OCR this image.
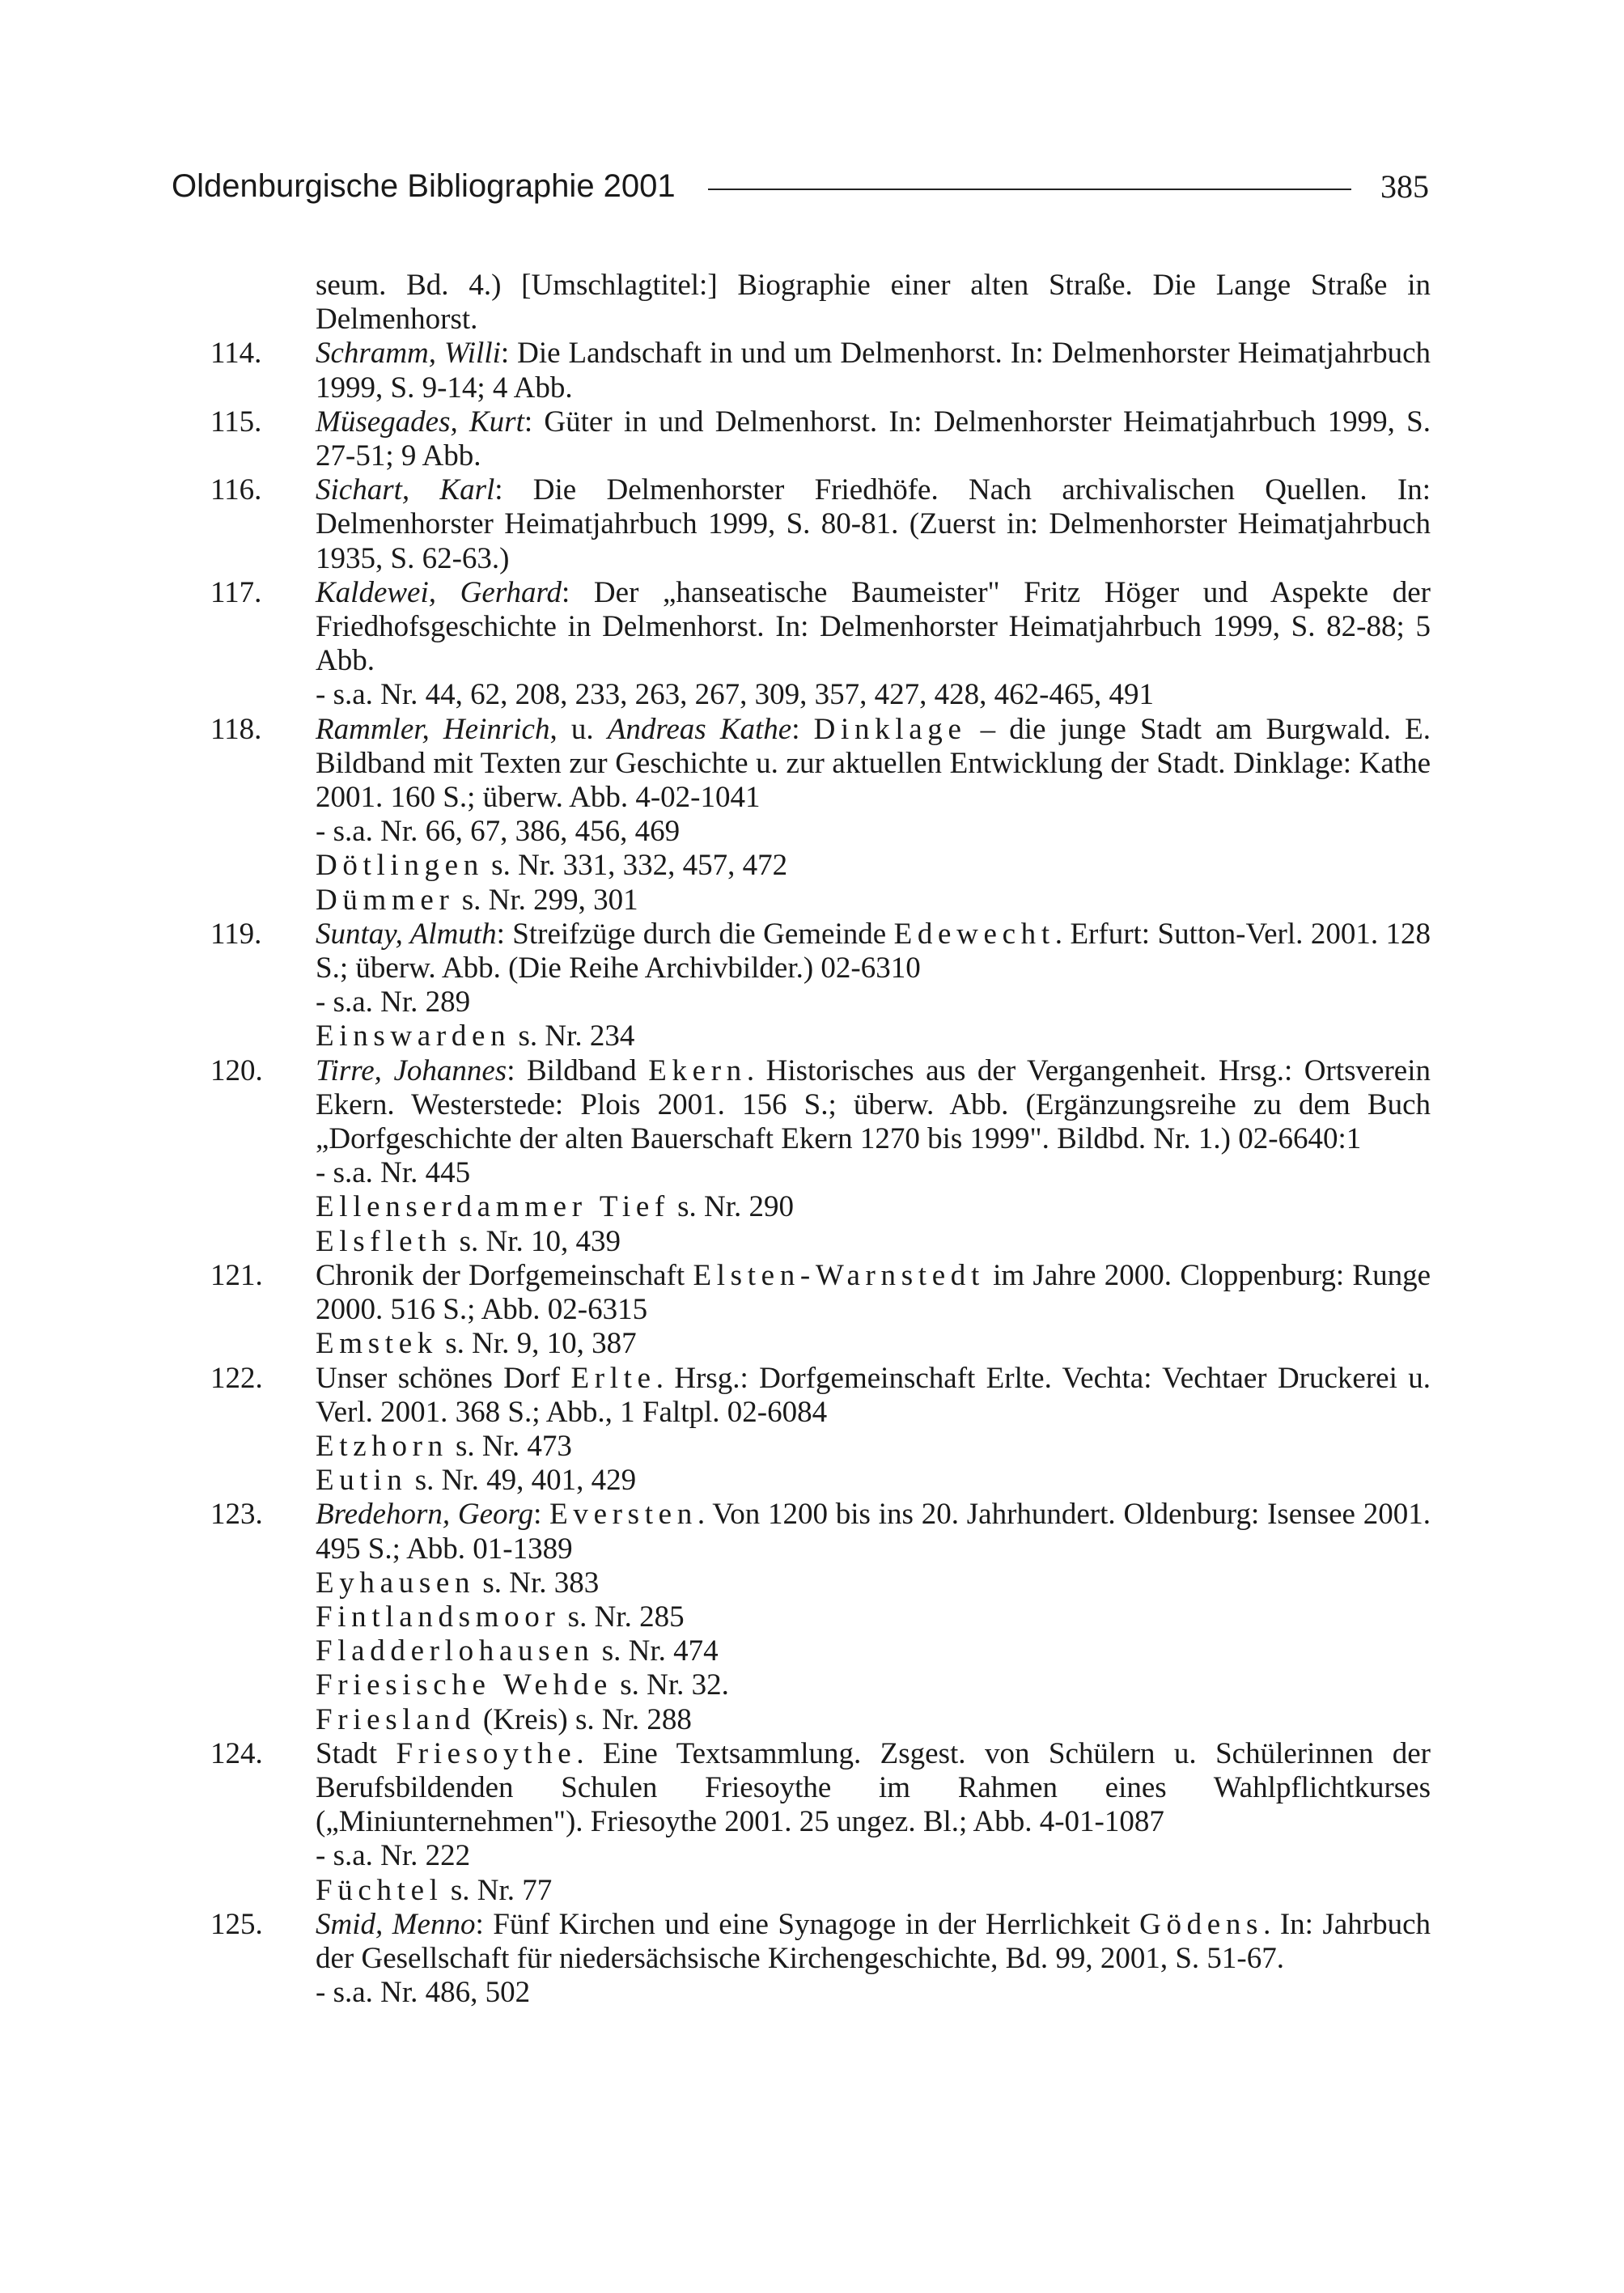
Oldenburgische Bibliographie 2001	385
seum. Bd. 4.) [Umschlagtitel:] Biographie einer alten Straße. Die Lange Straße in Delmenhorst.
114.	Schramm, Willi: Die Landschaft in und um Delmenhorst. In: Delmenhorster Heimatjahrbuch 1999, S. 9-14; 4 Abb.
115.	Müsegades, Kurt: Güter in und Delmenhorst. In: Delmenhorster Heimatjahrbuch 1999, S. 27-51; 9 Abb.
116.	Sichart, Karl: Die Delmenhorster Friedhöfe. Nach archivalischen Quellen. In: Delmenhorster Heimatjahrbuch 1999, S. 80-81. (Zuerst in: Delmenhorster Heimatjahrbuch 1935, S. 62-63.)
117.	Kaldewei, Gerhard: Der „hanseatische Baumeister" Fritz Höger und Aspekte der Friedhofsgeschichte in Delmenhorst. In: Delmenhorster Heimatjahrbuch 1999, S. 82-88; 5 Abb.
- s.a. Nr. 44, 62, 208, 233, 263, 267, 309, 357, 427, 428, 462-465, 491
118.	Rammler, Heinrich, u. Andreas Kathe: Dinklage – die junge Stadt am Burgwald. E. Bildband mit Texten zur Geschichte u. zur aktuellen Entwicklung der Stadt. Dinklage: Kathe 2001. 160 S.; überw. Abb. 4-02-1041
- s.a. Nr. 66, 67, 386, 456, 469
Dötlingen s. Nr. 331, 332, 457, 472
Dümmer s. Nr. 299, 301
119.	Suntay, Almuth: Streifzüge durch die Gemeinde Edewecht. Erfurt: Sutton-Verl. 2001. 128 S.; überw. Abb. (Die Reihe Archivbilder.) 02-6310
- s.a. Nr. 289
Einswarden s. Nr. 234
120.	Tirre, Johannes: Bildband Ekern. Historisches aus der Vergangenheit. Hrsg.: Ortsverein Ekern. Westerstede: Plois 2001. 156 S.; überw. Abb. (Ergänzungsreihe zu dem Buch „Dorfgeschichte der alten Bauerschaft Ekern 1270 bis 1999". Bildbd. Nr. 1.) 02-6640:1
- s.a. Nr. 445
Ellenserdammer Tief s. Nr. 290
Elsfleth s. Nr. 10, 439
121.	Chronik der Dorfgemeinschaft Elsten-Warnstedt im Jahre 2000. Cloppenburg: Runge 2000. 516 S.; Abb. 02-6315
Emstek s. Nr. 9, 10, 387
122.	Unser schönes Dorf Erlte. Hrsg.: Dorfgemeinschaft Erlte. Vechta: Vechtaer Druckerei u. Verl. 2001. 368 S.; Abb., 1 Faltpl. 02-6084
Etzhorn s. Nr. 473
Eutin s. Nr. 49, 401, 429
123.	Bredehorn, Georg: Eversten. Von 1200 bis ins 20. Jahrhundert. Oldenburg: Isensee 2001. 495 S.; Abb. 01-1389
Eyhausen s. Nr. 383
Fintlandsmoor s. Nr. 285
Fladderlohausen s. Nr. 474
Friesische Wehde s. Nr. 32.
Friesland (Kreis) s. Nr. 288
124.	Stadt Friesoythe. Eine Textsammlung. Zsgest. von Schülern u. Schülerinnen der Berufsbildenden Schulen Friesoythe im Rahmen eines Wahlpflichtkurses („Miniunternehmen"). Friesoythe 2001. 25 ungez. Bl.; Abb. 4-01-1087
- s.a. Nr. 222
Füchtel s. Nr. 77
125.	Smid, Menno: Fünf Kirchen und eine Synagoge in der Herrlichkeit Gödens. In: Jahrbuch der Gesellschaft für niedersächsische Kirchengeschichte, Bd. 99, 2001, S. 51-67.
- s.a. Nr. 486, 502
